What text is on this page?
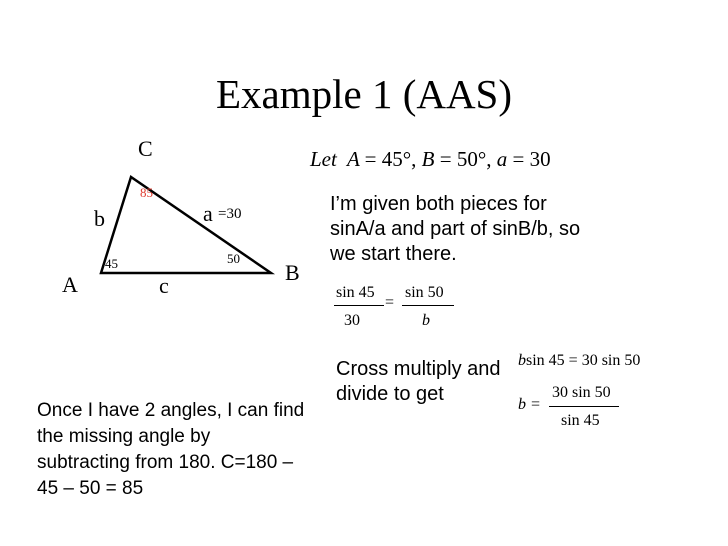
Example 1 (AAS)
C
A	B
b	a =30
c
85
45	50
Let A = 45°, B = 50°, a = 30
I’m given both pieces for sinA/a and part of sinB/b, so we start there.
sin 45
30
=
sin 50
b
Cross multiply and divide to get
bsin 45 = 30 sin 50
b =
30 sin 50
sin 45
Once I have 2 angles, I can find the missing angle by subtracting from 180. C=180 – 45 – 50 = 85
